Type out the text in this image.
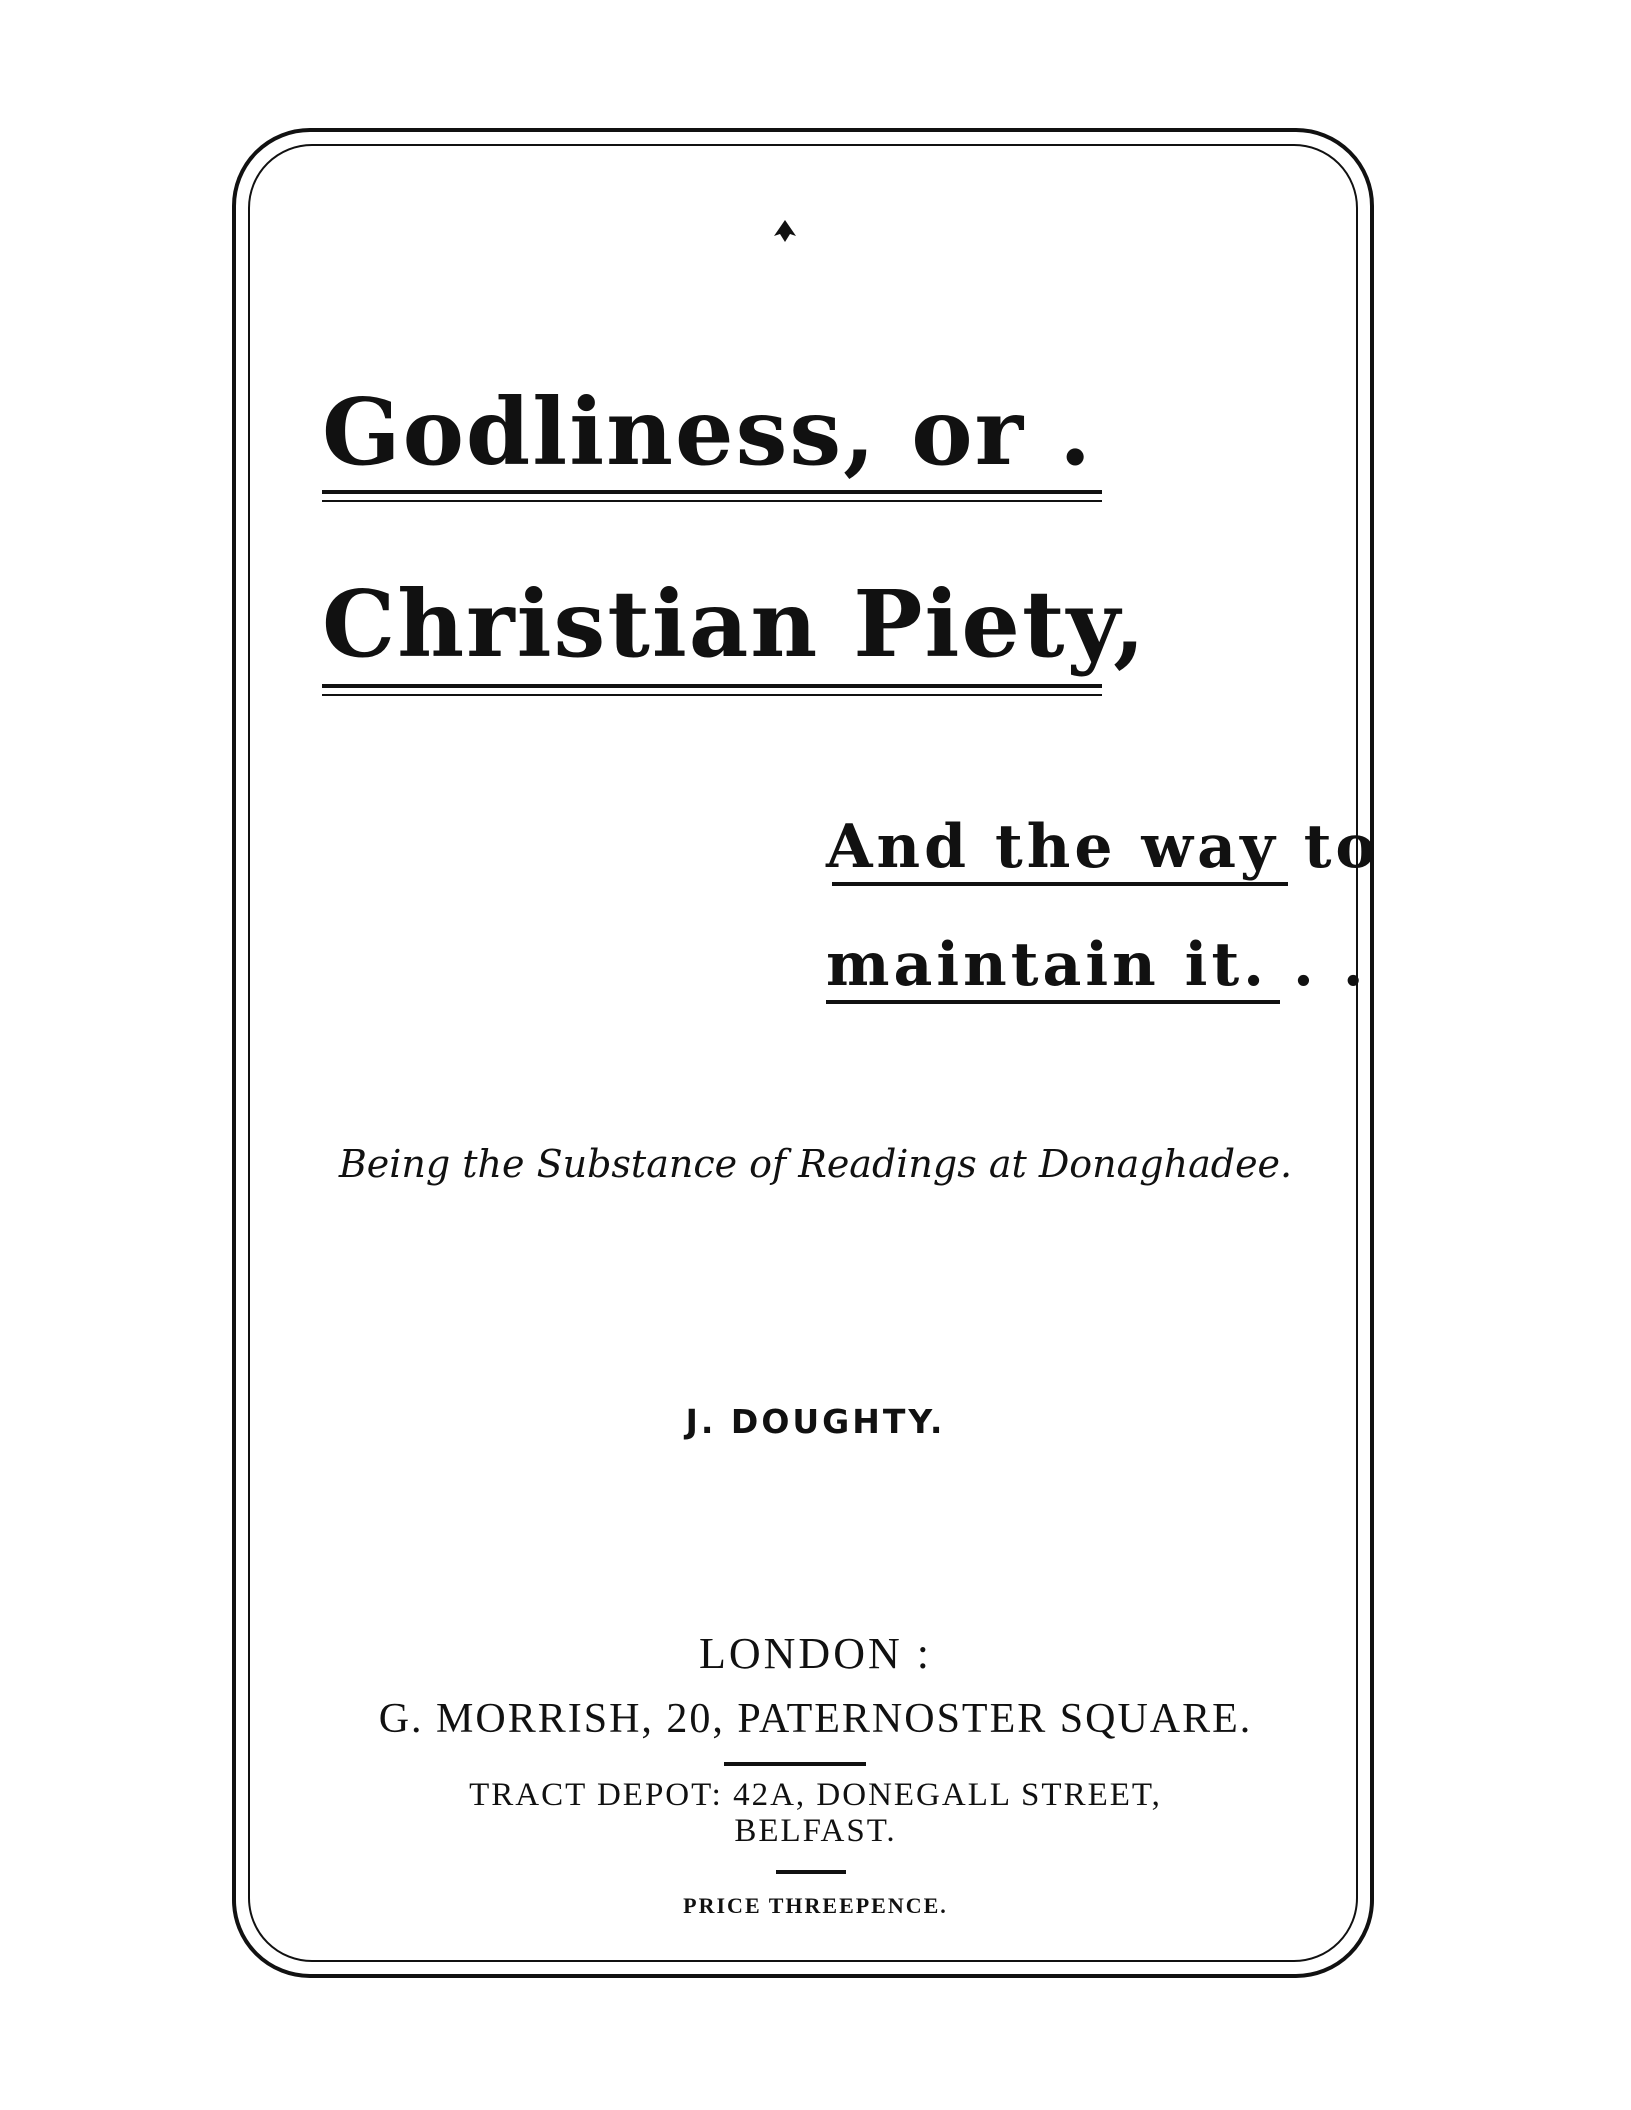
Godliness, or .
Christian Piety,
And the way to
maintain it. . .
Being the Substance of Readings at Donaghadee.
J. DOUGHTY.
LONDON :
G. MORRISH, 20, PATERNOSTER SQUARE.
TRACT DEPOT: 42A, DONEGALL STREET,
BELFAST.
PRICE THREEPENCE.
